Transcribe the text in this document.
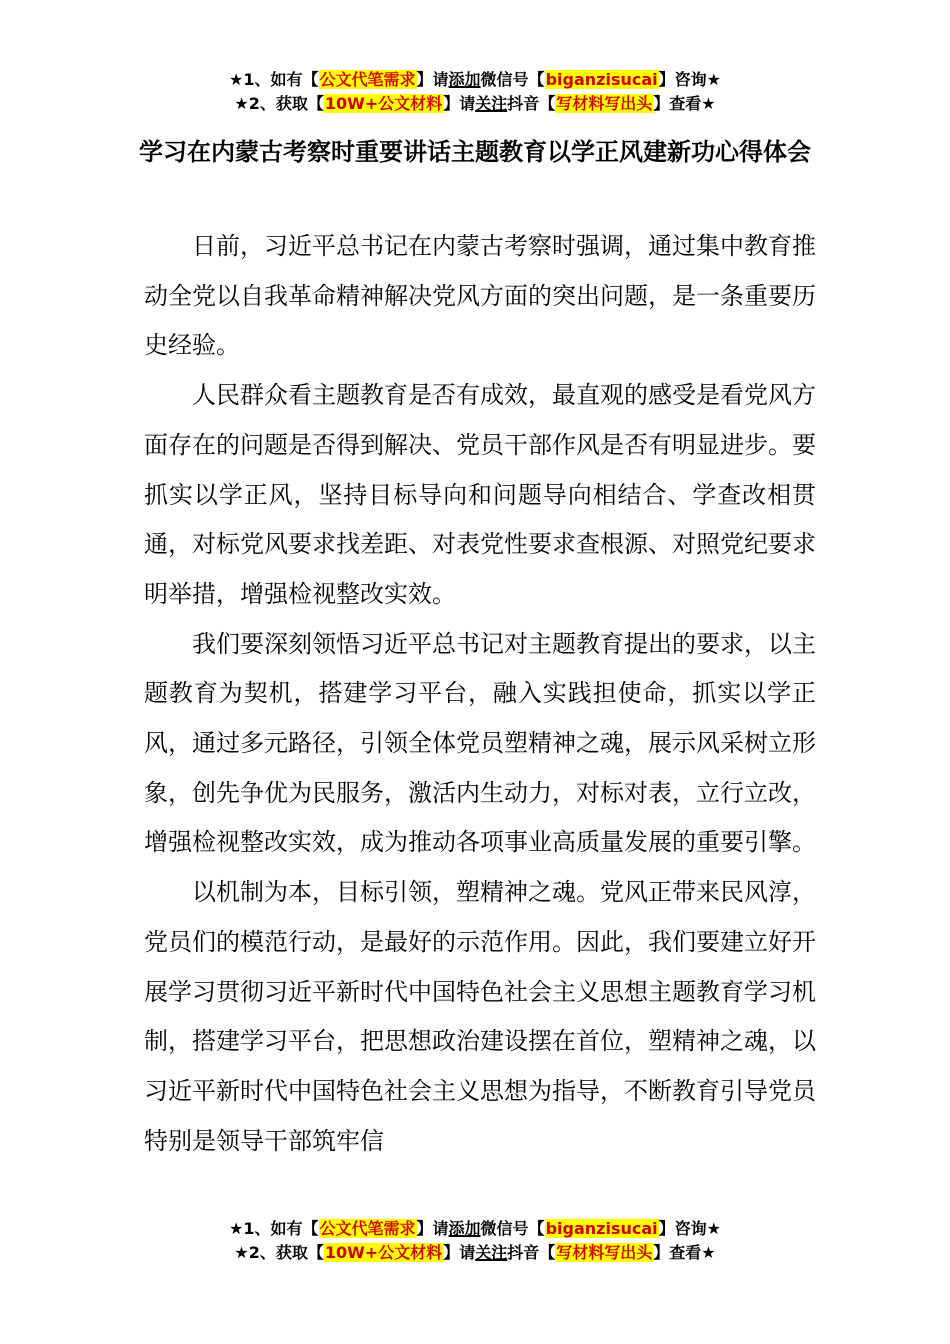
★1、如有【公文代笔需求】请添加微信号【biganzisucai】咨询★
★2、获取【10W+公文材料】请关注抖音【写材料写出头】查看★
学习在内蒙古考察时重要讲话主题教育以学正风建新功心得体会

日前，习近平总书记在内蒙古考察时强调，通过集中教育推动全党以自我革命精神解决党风方面的突出问题，是一条重要历史经验。

人民群众看主题教育是否有成效，最直观的感受是看党风方面存在的问题是否得到解决、党员干部作风是否有明显进步。要抓实以学正风，坚持目标导向和问题导向相结合、学查改相贯通，对标党风要求找差距、对表党性要求查根源、对照党纪要求明举措，增强检视整改实效。

我们要深刻领悟习近平总书记对主题教育提出的要求，以主题教育为契机，搭建学习平台，融入实践担使命，抓实以学正风，通过多元路径，引领全体党员塑精神之魂，展示风采树立形象，创先争优为民服务，激活内生动力，对标对表，立行立改，增强检视整改实效，成为推动各项事业高质量发展的重要引擎。

以机制为本，目标引领，塑精神之魂。党风正带来民风淳，党员们的模范行动，是最好的示范作用。因此，我们要建立好开展学习贯彻习近平新时代中国特色社会主义思想主题教育学习机制，搭建学习平台，把思想政治建设摆在首位，塑精神之魂，以习近平新时代中国特色社会主义思想为指导，不断教育引导党员特别是领导干部筑牢信

★1、如有【公文代笔需求】请添加微信号【biganzisucai】咨询★
★2、获取【10W+公文材料】请关注抖音【写材料写出头】查看★
